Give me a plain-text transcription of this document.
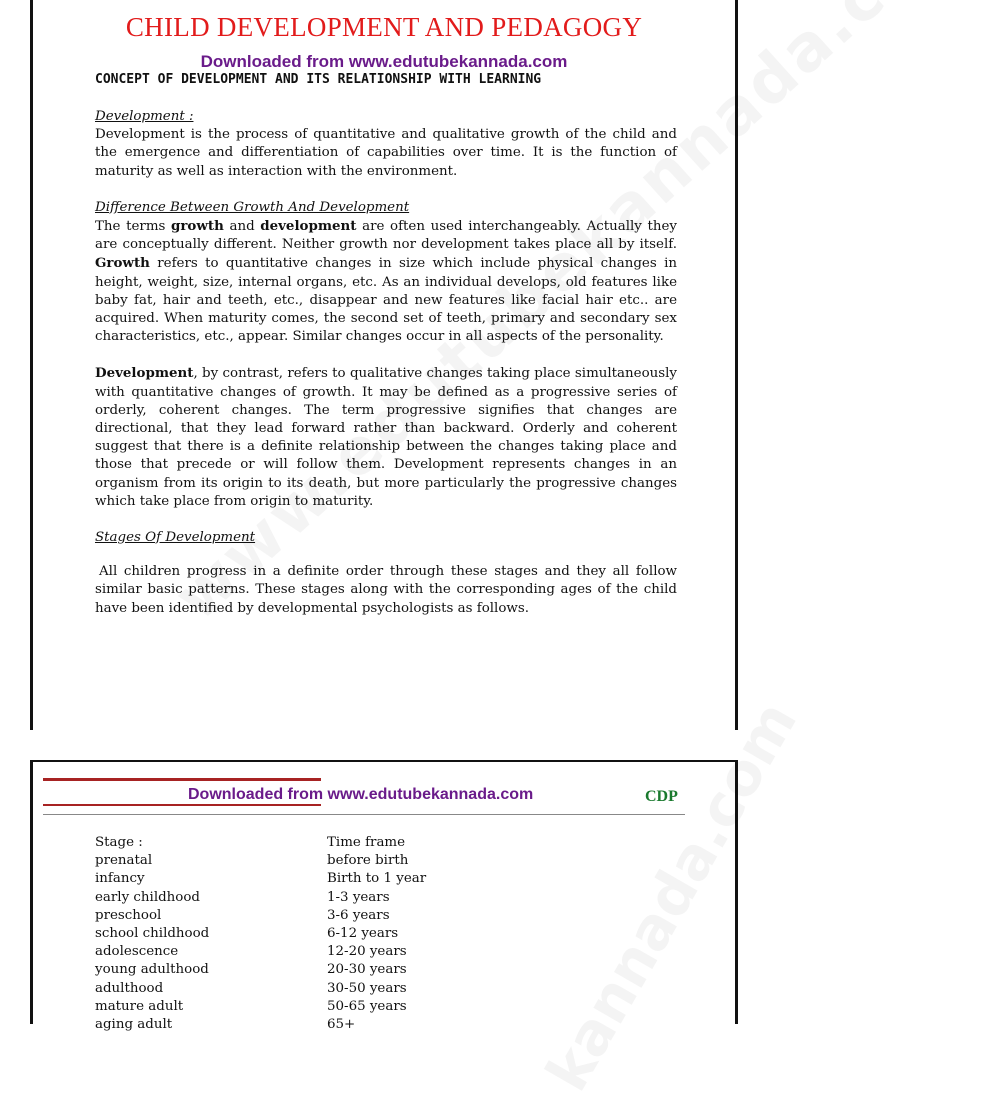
CHILD DEVELOPMENT AND PEDAGOGY
Downloaded from www.edutubekannada.com
CONCEPT OF DEVELOPMENT AND ITS RELATIONSHIP WITH LEARNING

Development :

Development is the process of quantitative and qualitative growth of the child and the emergence and differentiation of capabilities over time. It is the function of maturity as well as interaction with the environment.

Difference Between Growth And Development

The terms growth and development are often used interchangeably. Actually they are conceptually different. Neither growth nor development takes place all by itself. Growth refers to quantitative changes in size which include physical changes in height, weight, size, internal organs, etc. As an individual develops, old features like baby fat, hair and teeth, etc., disappear and new features like facial hair etc.. are acquired. When maturity comes, the second set of teeth, primary and secondary sex characteristics, etc., appear. Similar changes occur in all aspects of the personality.

Development, by contrast, refers to qualitative changes taking place simultaneously with quantitative changes of growth. It may be defined as a progressive series of orderly, coherent changes. The term progressive signifies that changes are directional, that they lead forward rather than backward. Orderly and coherent suggest that there is a definite relationship between the changes taking place and those that precede or will follow them. Development represents changes in an organism from its origin to its death, but more particularly the progressive changes which take place from origin to maturity.

Stages Of Development

All children progress in a definite order through these stages and they all follow similar basic patterns. These stages along with the corresponding ages of the child have been identified by developmental psychologists as follows.

Downloaded from www.edutubekannada.com	CDP
Stage :	Time frame
prenatal	before birth
infancy	Birth to 1 year
early childhood	1-3 years
preschool	3-6 years
school childhood	6-12 years
adolescence	12-20 years
young adulthood	20-30 years
adulthood	30-50 years
mature adult	50-65 years
aging adult	65+
